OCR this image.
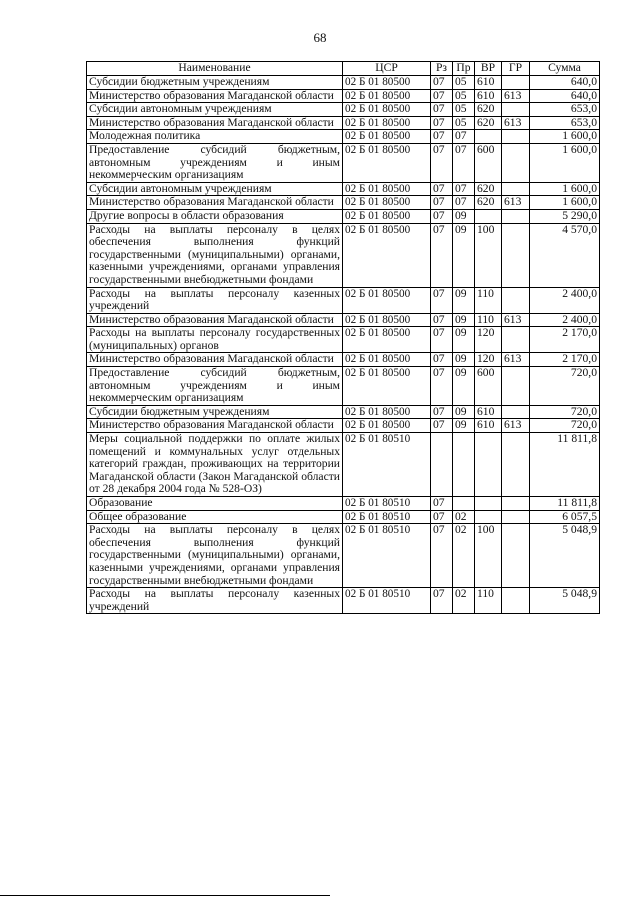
68
Наименование	ЦСР	Рз	Пр	ВР	ГР	Сумма
Субсидии бюджетным учреждениям	02 Б 01 80500	07	05	610		640,0
Министерство образования Магаданской области	02 Б 01 80500	07	05	610	613	640,0
Субсидии автономным учреждениям	02 Б 01 80500	07	05	620		653,0
Министерство образования Магаданской области	02 Б 01 80500	07	05	620	613	653,0
Молодежная политика	02 Б 01 80500	07	07			1 600,0
Предоставление субсидий бюджетным, автономным учреждениям и иным некоммерческим организациям	02 Б 01 80500	07	07	600		1 600,0
Субсидии автономным учреждениям	02 Б 01 80500	07	07	620		1 600,0
Министерство образования Магаданской области	02 Б 01 80500	07	07	620	613	1 600,0
Другие вопросы в области образования	02 Б 01 80500	07	09			5 290,0
Расходы на выплаты персоналу в целях обеспечения выполнения функций государственными (муниципальными) органами, казенными учреждениями, органами управления государственными внебюджетными фондами	02 Б 01 80500	07	09	100		4 570,0
Расходы на выплаты персоналу казенных учреждений	02 Б 01 80500	07	09	110		2 400,0
Министерство образования Магаданской области	02 Б 01 80500	07	09	110	613	2 400,0
Расходы на выплаты персоналу государственных (муниципальных) органов	02 Б 01 80500	07	09	120		2 170,0
Министерство образования Магаданской области	02 Б 01 80500	07	09	120	613	2 170,0
Предоставление субсидий бюджетным, автономным учреждениям и иным некоммерческим организациям	02 Б 01 80500	07	09	600		720,0
Субсидии бюджетным учреждениям	02 Б 01 80500	07	09	610		720,0
Министерство образования Магаданской области	02 Б 01 80500	07	09	610	613	720,0
Меры социальной поддержки по оплате жилых помещений и коммунальных услуг отдельных категорий граждан, проживающих на территории Магаданской области (Закон Магаданской области от 28 декабря 2004 года № 528-ОЗ)	02 Б 01 80510					11 811,8
Образование	02 Б 01 80510	07				11 811,8
Общее образование	02 Б 01 80510	07	02			6 057,5
Расходы на выплаты персоналу в целях обеспечения выполнения функций государственными (муниципальными) органами, казенными учреждениями, органами управления государственными внебюджетными фондами	02 Б 01 80510	07	02	100		5 048,9
Расходы на выплаты персоналу казенных учреждений	02 Б 01 80510	07	02	110		5 048,9
